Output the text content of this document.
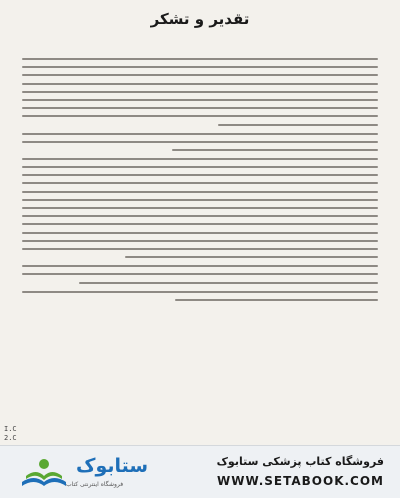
تقدیر و تشکر
I.C
2.C
ستابوک
فروشگاه اینترنتی کتاب
فروشگاه کتاب پزشکی ستابوک
WWW.SETABOOK.COM
